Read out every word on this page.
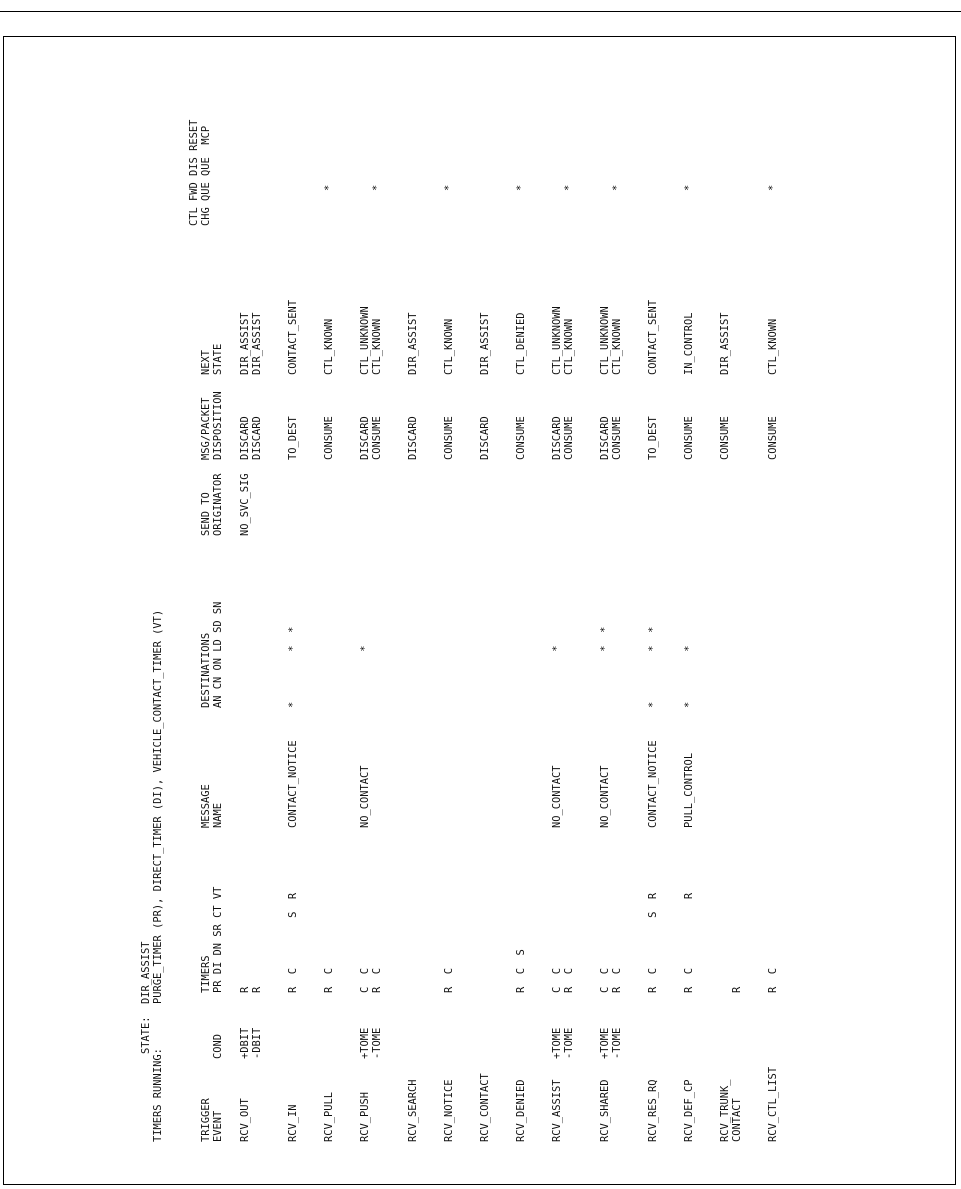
STATE:
DIR_ASSIST
TIMERS RUNNING:
PURGE_TIMER (PR), DIRECT_TIMER (DI), VEHICLE_CONTACT_TIMER (VT)
TRIGGER
EVENT
COND
TIMERS
PR DI DN SR CT VT
MESSAGE
NAME
DESTINATIONS
AN CN ON LD SD SN
SEND TO
ORIGINATOR
MSG/PACKET
DISPOSITION
NEXT
STATE
CTL FWD DIS RESET
CHG QUE QUE  MCP
RCV_OUT
+DBIT
-DBIT
R
R
NO_SVC_SIG
DISCARD
DISCARD
DIR_ASSIST
DIR_ASSIST
RCV_IN
R  C        S  R
CONTACT_NOTICE
*        *  *
TO_DEST
CONTACT_SENT
RCV_PULL
R  C
CONSUME
CTL_KNOWN
*
RCV_PUSH
+TOME
-TOME
C  C
R  C
NO_CONTACT
*
DISCARD
CONSUME
CTL_UNKNOWN
CTL_KNOWN

*
RCV_SEARCH
DISCARD
DIR_ASSIST
RCV_NOTICE
R  C
CONSUME
CTL_KNOWN
*
RCV_CONTACT
DISCARD
DIR_ASSIST
RCV_DENIED
R  C  S
CONSUME
CTL_DENIED
*
RCV_ASSIST
+TOME
-TOME
C  C
R  C
NO_CONTACT
*
DISCARD
CONSUME
CTL_UNKNOWN
CTL_KNOWN

*
RCV_SHARED
+TOME
-TOME
C  C
R  C
NO_CONTACT
*  *
DISCARD
CONSUME
CTL_UNKNOWN
CTL_KNOWN

*
RCV_RES_RQ
R  C        S  R
CONTACT_NOTICE
*        *  *
TO_DEST
CONTACT_SENT
RCV_DEF_CP
R  C           R
PULL_CONTROL
*        *
CONSUME
IN_CONTROL
*
RCV_TRUNK_
CONTACT

R
CONSUME
DIR_ASSIST
RCV_CTL_LIST
R  C
CONSUME
CTL_KNOWN
*
